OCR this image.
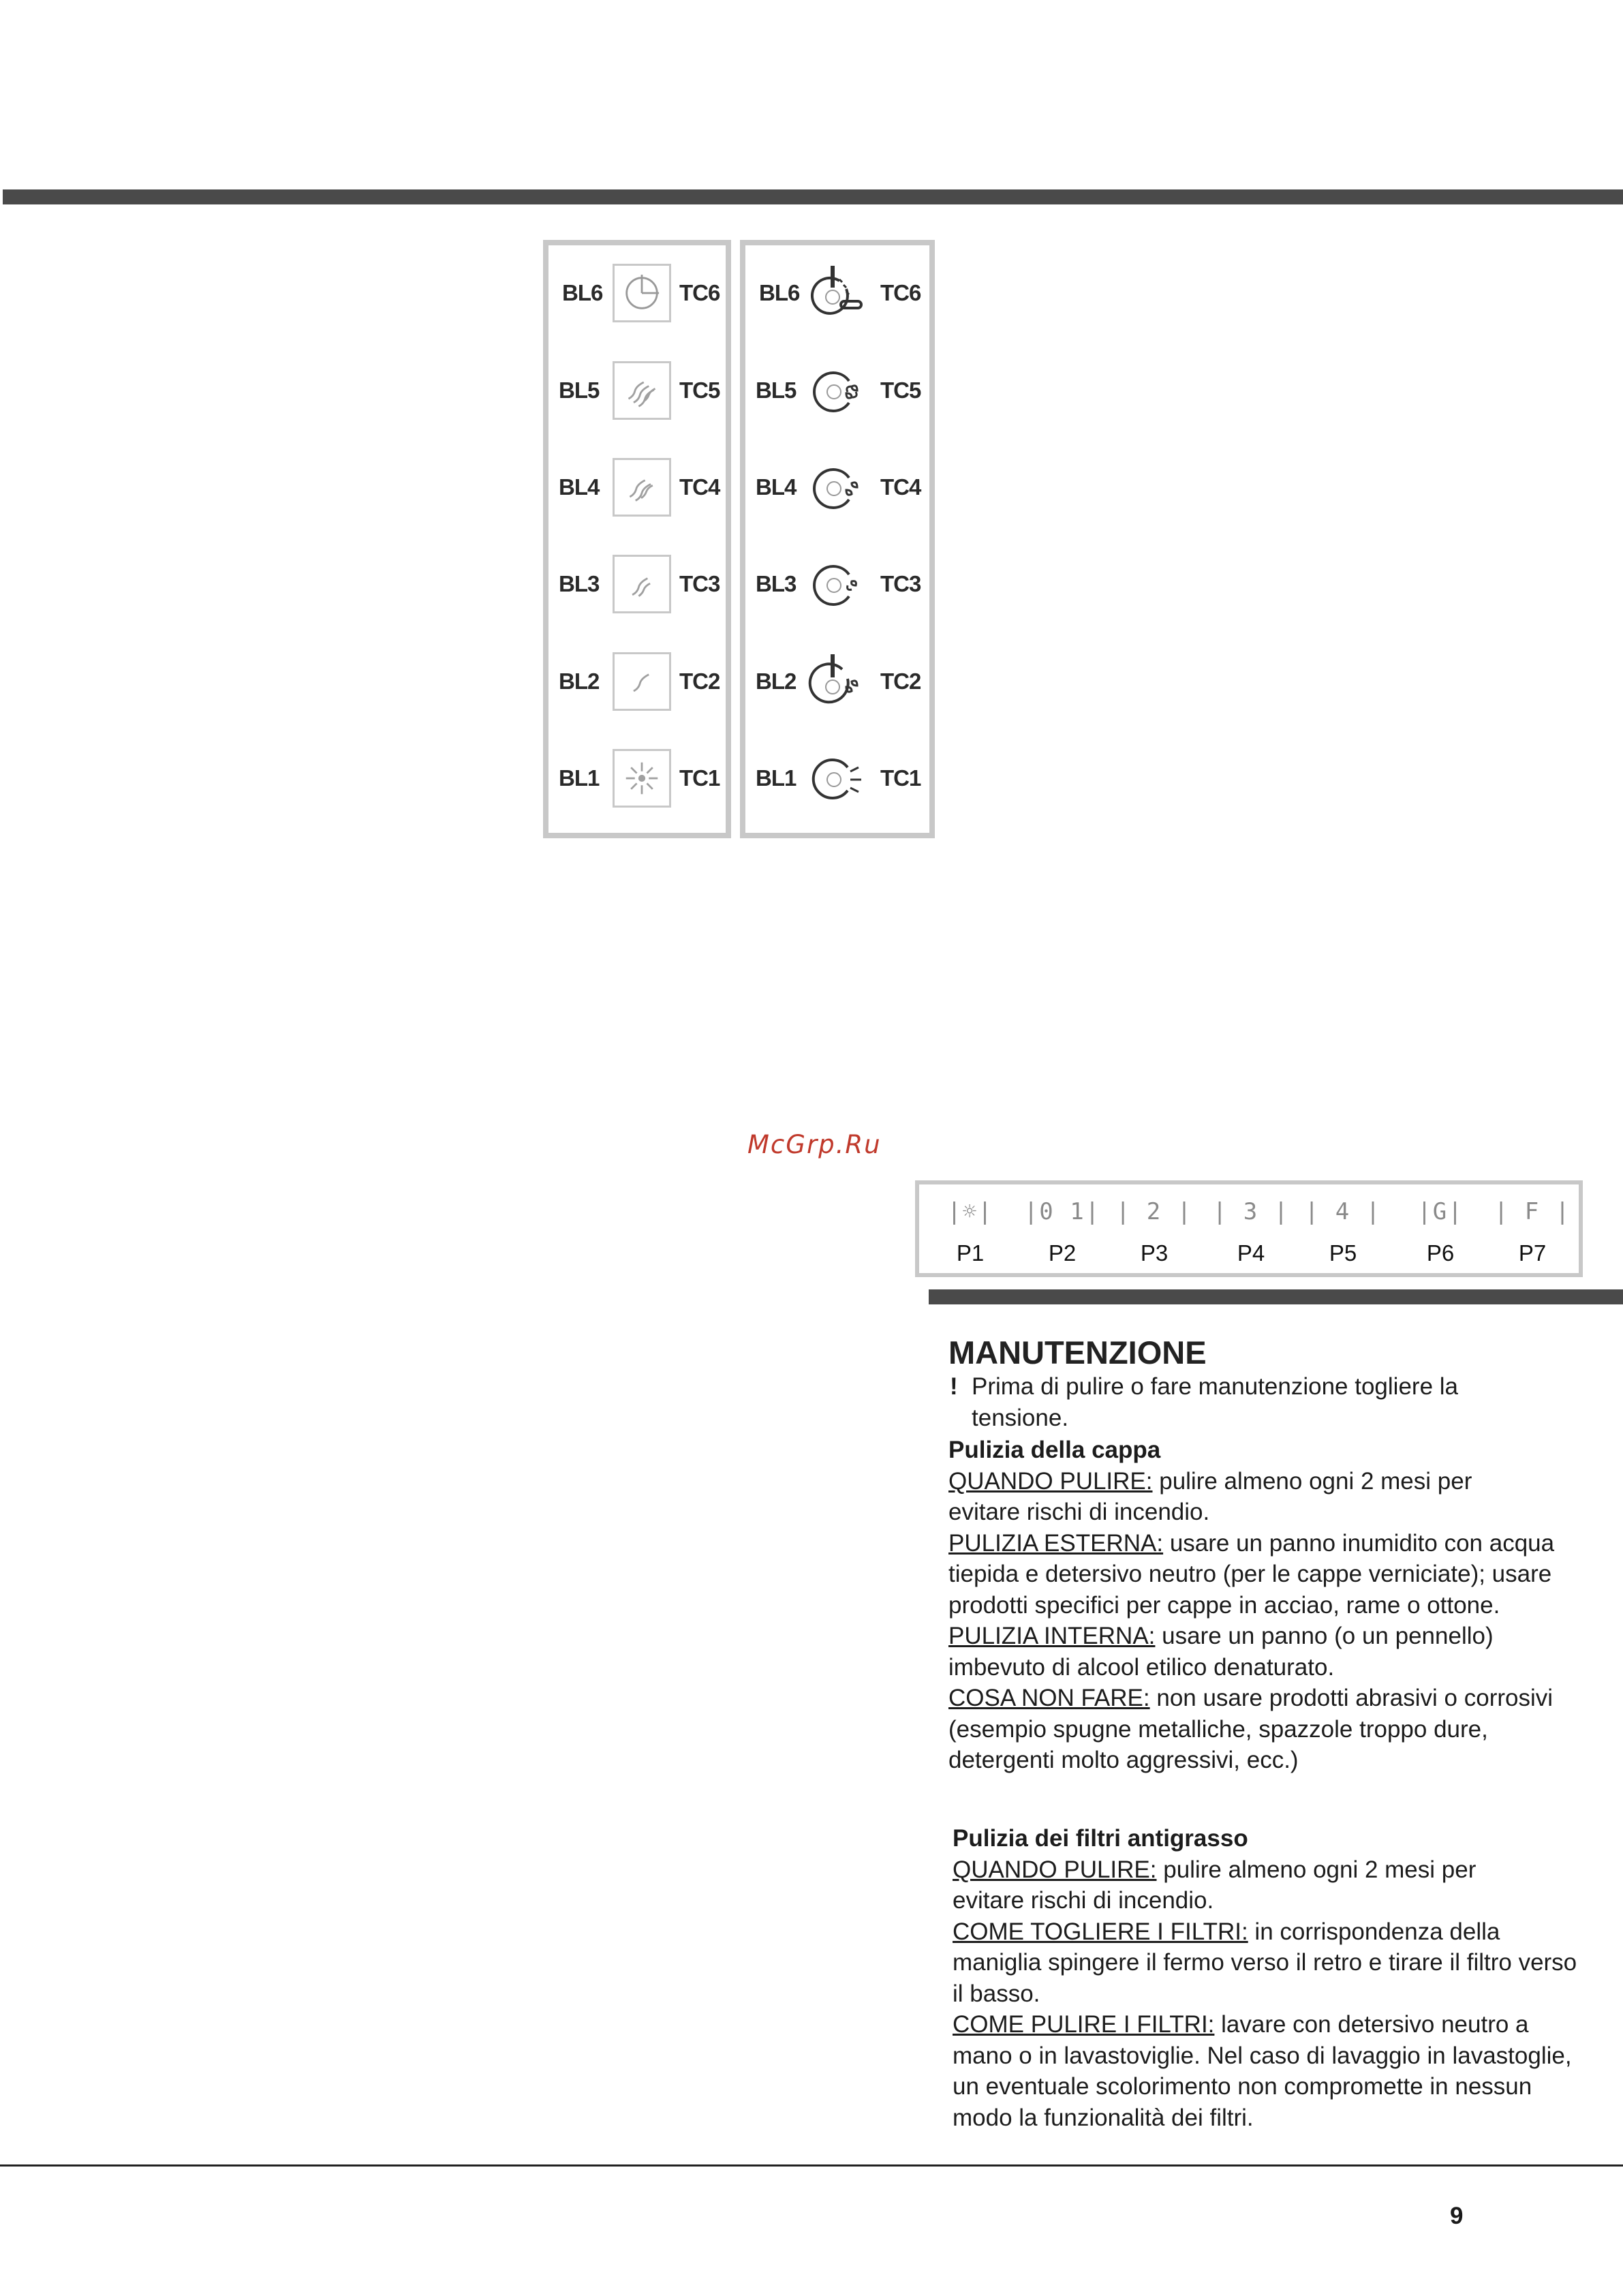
BL6	TC6
BL5	TC5
BL4	TC4
BL3	TC3
BL2	TC2
BL1	TC1
BL6	TC6
BL5	TC5
BL4	TC4
BL3	TC3
BL2	TC2
BL1	TC1
McGrp.Ru
|☼|
P1
|0 1|
P2
| 2 |
P3
| 3 |
P4
| 4 |
P5
|G|
P6
| F |
P7

MANUTENZIONE

! Prima di pulire o fare manutenzione togliere la tensione.

Pulizia della cappa

QUANDO PULIRE: pulire almeno ogni 2 mesi per evitare rischi di incendio.

PULIZIA ESTERNA: usare un panno inumidito con acqua tiepida e detersivo neutro (per le cappe verniciate); usare prodotti specifici per cappe in acciao, rame o ottone.

PULIZIA INTERNA: usare un panno (o un pennello) imbevuto di alcool etilico denaturato.

COSA NON FARE: non usare prodotti abrasivi o corrosivi (esempio spugne metalliche, spazzole troppo dure, detergenti molto aggressivi, ecc.)

Pulizia dei filtri antigrasso

QUANDO PULIRE: pulire almeno ogni 2 mesi per evitare rischi di incendio.

COME TOGLIERE I FILTRI: in corrispondenza della maniglia spingere il fermo verso il retro e tirare il filtro verso il basso.

COME PULIRE I FILTRI: lavare con detersivo neutro a mano o in lavastoviglie. Nel caso di lavaggio in lavastoglie, un eventuale scolorimento non compromette in nessun modo la funzionalità dei filtri.

9
